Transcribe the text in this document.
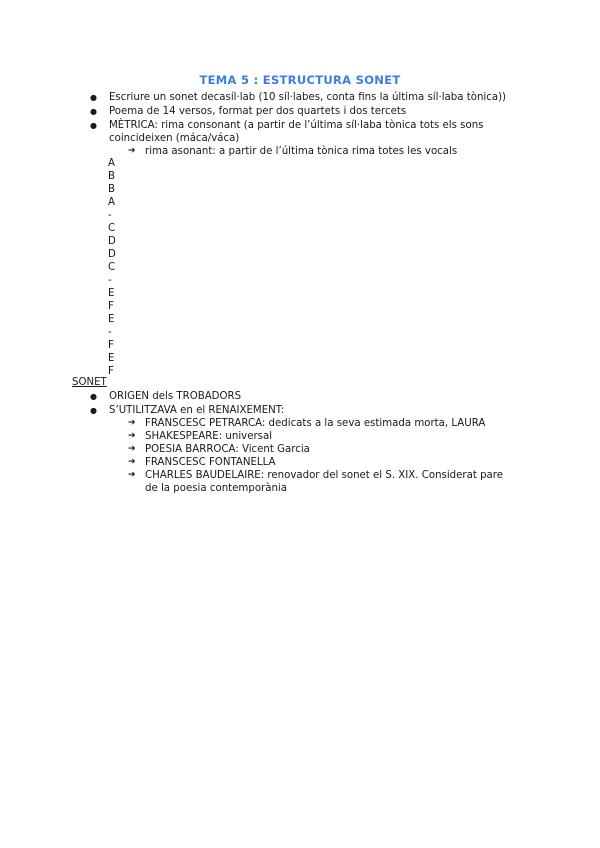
TEMA 5 : ESTRUCTURA SONET
● Escriure un sonet decasíl·lab (10 síl·labes, conta fins la última síl·laba tònica))
● Poema de 14 versos, format per dos quartets i dos tercets
● MÈTRICA: rima consonant (a partir de l’última síl·laba tònica tots els sons
coincideixen (máca/váca)
➔ rima asonant: a partir de l’última tònica rima totes les vocals
A
B
B
A
-
C
D
D
C
-
E
F
E
-
F
E
F
SONET
● ORIGEN dels TROBADORS
● S’UTILITZAVA en el RENAIXEMENT:
➔ FRANSCESC PETRARCA: dedicats a la seva estimada morta, LAURA
➔ SHAKESPEARE: universal
➔ POESIA BARROCA: Vicent Garcia
➔ FRANSCESC FONTANELLA
➔ CHARLES BAUDELAIRE: renovador del sonet el S. XIX. Considerat pare
de la poesia contemporània
